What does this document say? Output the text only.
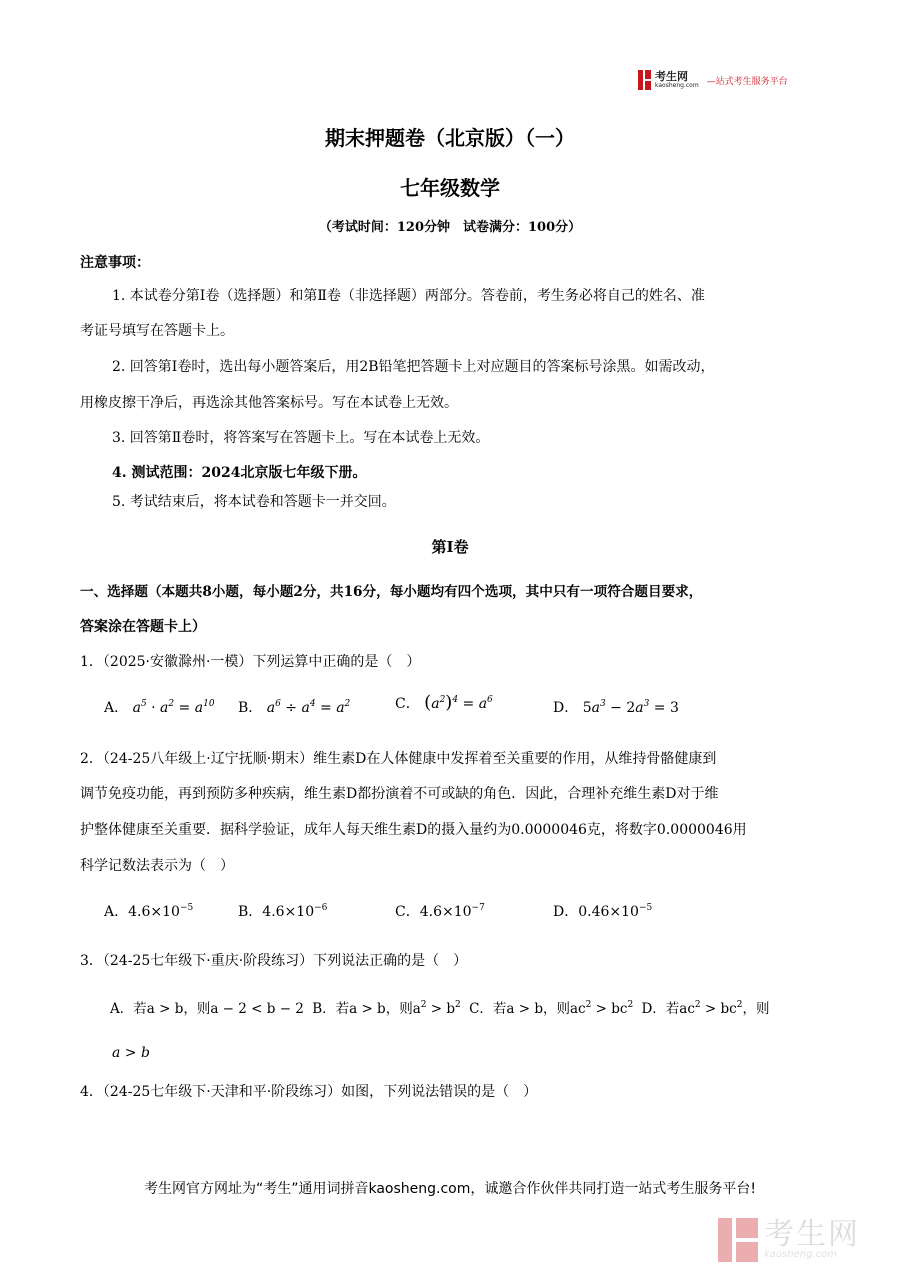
考生网
kaosheng.com —站式考生服务平台
期末押题卷（北京版）（一）
七年级数学
（考试时间：120分钟　试卷满分：100分）
注意事项：
1. 本试卷分第Ⅰ卷（选择题）和第Ⅱ卷（非选择题）两部分。答卷前，考生务必将自己的姓名、准
考证号填写在答题卡上。
2. 回答第Ⅰ卷时，选出每小题答案后，用2B铅笔把答题卡上对应题目的答案标号涂黑。如需改动，
用橡皮擦干净后，再选涂其他答案标号。写在本试卷上无效。
3. 回答第Ⅱ卷时，将答案写在答题卡上。写在本试卷上无效。
4. 测试范围：2024北京版七年级下册。
5. 考试结束后，将本试卷和答题卡一并交回。
第Ⅰ卷
一、选择题（本题共8小题，每小题2分，共16分，每小题均有四个选项，其中只有一项符合题目要求，
答案涂在答题卡上）
1．（2025·安徽滁州·一模）下列运算中正确的是（　）
A． $a^5 \cdot a^2 = a^{10}$ B． $a^6 \div a^4 = a^2$	C． $(a^2)^4 = a^6$	D． $5a^3 - 2a^3 = 3$
2．（24-25八年级上·辽宁抚顺·期末）维生素D在人体健康中发挥着至关重要的作用，从维持骨骼健康到
调节免疫功能，再到预防多种疾病，维生素D都扮演着不可或缺的角色．因此，合理补充维生素D对于维
护整体健康至关重要．据科学验证，成年人每天维生素D的摄入量约为0.0000046克，将数字0.0000046用
科学记数法表示为（　）
A．$4.6\times 10^{-5}$	B．$4.6\times 10^{-6}$	C．$4.6\times 10^{-7}$	D．$0.46\times 10^{-5}$
3．（24-25七年级下·重庆·阶段练习）下列说法正确的是（　）
A．若a > b，则a − 2 < b − 2 B．若a > b，则$a^2 > b^2$ C．若a > b，则$ac^2 > bc^2$ D．若$ac^2 > bc^2$，则
a > b
4．（24-25七年级下·天津和平·阶段练习）如图，下列说法错误的是（　）
考生网官方网址为“考生”通用词拼音kaosheng.com，诚邀合作伙伴共同打造一站式考生服务平台!
考生网
kaosheng.com
